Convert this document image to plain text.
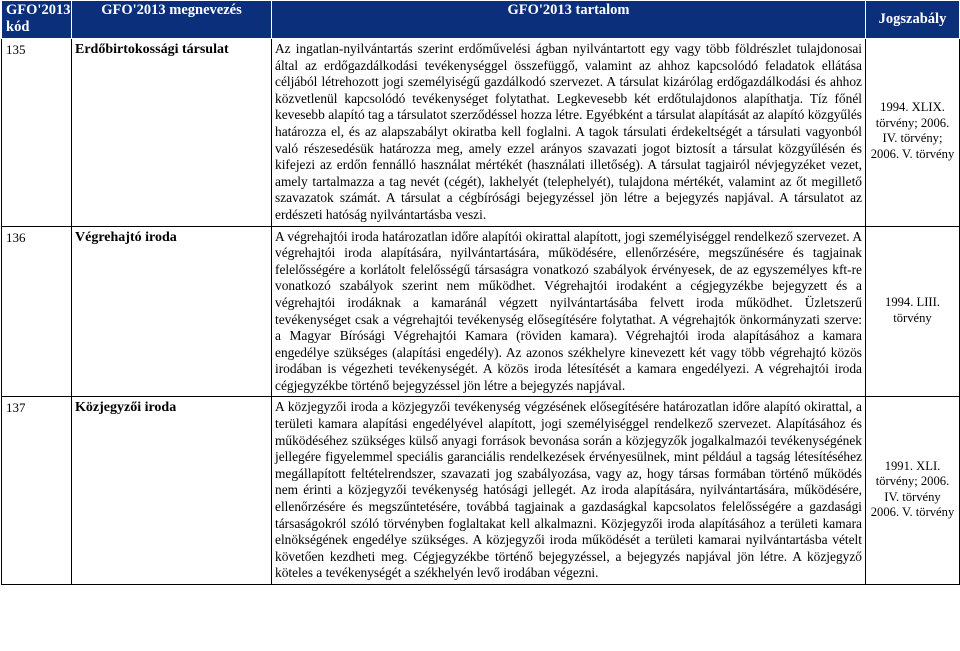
GFO'2013 kód	GFO'2013 megnevezés	GFO'2013 tartalom	Jogszabály
135	Erdőbirtokossági társulat	Az ingatlan-nyilvántartás szerint erdőművelési ágban nyilvántartott egy vagy több földrészlet tulajdonosai által az erdőgazdálkodási tevékenységgel összefüggő, valamint az ahhoz kapcsolódó feladatok ellátása céljából létrehozott jogi személyiségű gazdálkodó szervezet. A társulat kizárólag erdőgazdálkodási és ahhoz közvetlenül kapcsolódó tevékenységet folytathat. Legkevesebb két erdőtulajdonos alapíthatja. Tíz főnél kevesebb alapító tag a társulatot szerződéssel hozza létre. Egyébként a társulat alapítását az alapító közgyűlés határozza el, és az alapszabályt okiratba kell foglalni. A tagok társulati érdekeltségét a társulati vagyonból való részesedésük határozza meg, amely ezzel arányos szavazati jogot biztosít a társulat közgyűlésén és kifejezi az erdőn fennálló használat mértékét (használati illetőség). A társulat tagjairól névjegyzéket vezet, amely tartalmazza a tag nevét (cégét), lakhelyét (telephelyét), tulajdona mértékét, valamint az őt megillető szavazatok számát. A társulat a cégbírósági bejegyzéssel jön létre a bejegyzés napjával. A társulatot az erdészeti hatóság nyilvántartásba veszi.	1994. XLIX. törvény; 2006. IV. törvény; 2006. V. törvény
136	Végrehajtó iroda	A végrehajtói iroda határozatlan időre alapítói okirattal alapított, jogi személyiséggel rendelkező szervezet. A végrehajtói iroda alapítására, nyilvántartására, működésére, ellenőrzésére, megszűnésére és tagjainak felelősségére a korlátolt felelősségű társaságra vonatkozó szabályok érvényesek, de az egyszemélyes kft-re vonatkozó szabályok szerint nem működhet. Végrehajtói irodaként a cégjegyzékbe bejegyzett és a végrehajtói irodáknak a kamaránál végzett nyilvántartásába felvett iroda működhet. Üzletszerű tevékenységet csak a végrehajtói tevékenység elősegítésére folytathat. A végrehajtók önkormányzati szerve: a Magyar Bírósági Végrehajtói Kamara (röviden kamara). Végrehajtói iroda alapításához a kamara engedélye szükséges (alapítási engedély). Az azonos székhelyre kinevezett két vagy több végrehajtó közös irodában is végezheti tevékenységét. A közös iroda létesítését a kamara engedélyezi. A végrehajtói iroda cégjegyzékbe történő bejegyzéssel jön létre a bejegyzés napjával.	1994. LIII. törvény
137	Közjegyzői iroda	A közjegyzői iroda a közjegyzői tevékenység végzésének elősegítésére határozatlan időre alapító okirattal, a területi kamara alapítási engedélyével alapított, jogi személyiséggel rendelkező szervezet. Alapításához és működéséhez szükséges külső anyagi források bevonása során a közjegyzők jogalkalmazói tevékenységének jellegére figyelemmel speciális garanciális rendelkezések érvényesülnek, mint például a tagság létesítéséhez megállapított feltételrendszer, szavazati jog szabályozása, vagy az, hogy társas formában történő működés nem érinti a közjegyzői tevékenység hatósági jellegét. Az iroda alapítására, nyilvántartására, működésére, ellenőrzésére és megszűntetésére, továbbá tagjainak a gazdaságkal kapcsolatos felelősségére a gazdasági társaságokról szóló törvényben foglaltakat kell alkalmazni. Közjegyzői iroda alapításához a területi kamara elnökségének engedélye szükséges. A közjegyzői iroda működését a területi kamarai nyilvántartásba vételt követően kezdheti meg. Cégjegyzékbe történő bejegyzéssel, a bejegyzés napjával jön létre. A közjegyző köteles a tevékenységét a székhelyén levő irodában végezni.	1991. XLI. törvény; 2006. IV. törvény 2006. V. törvény
